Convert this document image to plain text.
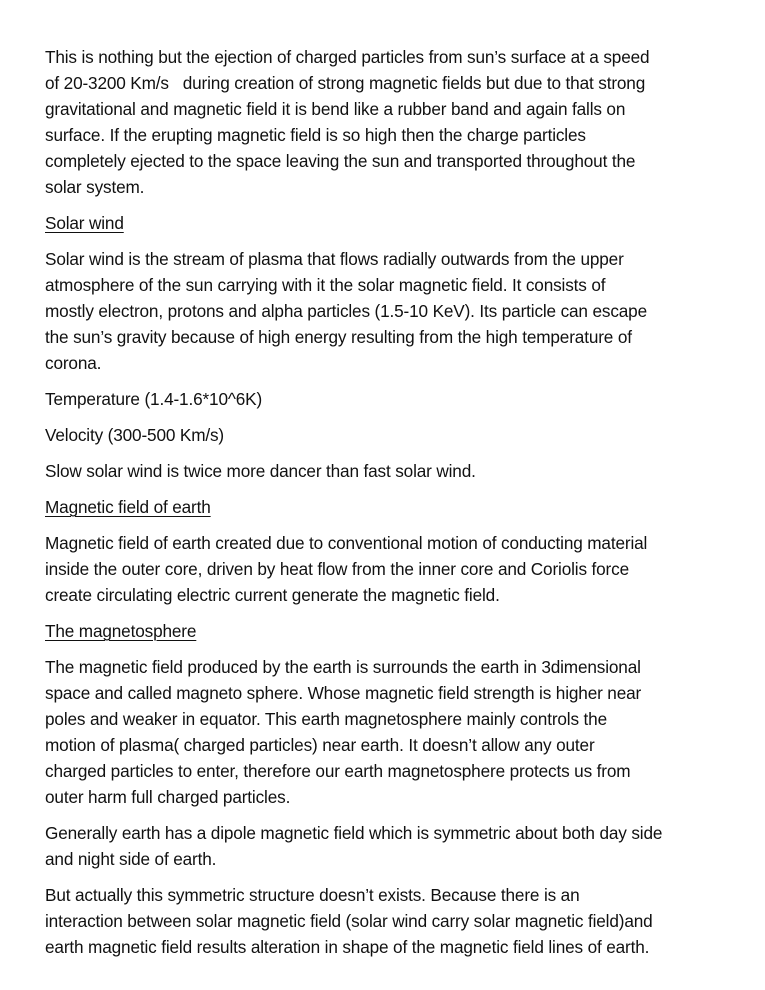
This is nothing but the ejection of charged particles from sun’s surface at a speed
of 20-3200 Km/s   during creation of strong magnetic fields but due to that strong
gravitational and magnetic field it is bend like a rubber band and again falls on
surface. If the erupting magnetic field is so high then the charge particles
completely ejected to the space leaving the sun and transported throughout the
solar system.

Solar wind

Solar wind is the stream of plasma that flows radially outwards from the upper
atmosphere of the sun carrying with it the solar magnetic field. It consists of
mostly electron, protons and alpha particles (1.5-10 KeV). Its particle can escape
the sun’s gravity because of high energy resulting from the high temperature of
corona.

Temperature (1.4-1.6*10^6K)

Velocity (300-500 Km/s)

Slow solar wind is twice more dancer than fast solar wind.

Magnetic field of earth

Magnetic field of earth created due to conventional motion of conducting material
inside the outer core, driven by heat flow from the inner core and Coriolis force
create circulating electric current generate the magnetic field.

The magnetosphere

The magnetic field produced by the earth is surrounds the earth in 3dimensional
space and called magneto sphere. Whose magnetic field strength is higher near
poles and weaker in equator. This earth magnetosphere mainly controls the
motion of plasma( charged particles) near earth. It doesn’t allow any outer
charged particles to enter, therefore our earth magnetosphere protects us from
outer harm full charged particles.

Generally earth has a dipole magnetic field which is symmetric about both day side
and night side of earth.

But actually this symmetric structure doesn’t exists. Because there is an
interaction between solar magnetic field (solar wind carry solar magnetic field)and
earth magnetic field results alteration in shape of the magnetic field lines of earth.
